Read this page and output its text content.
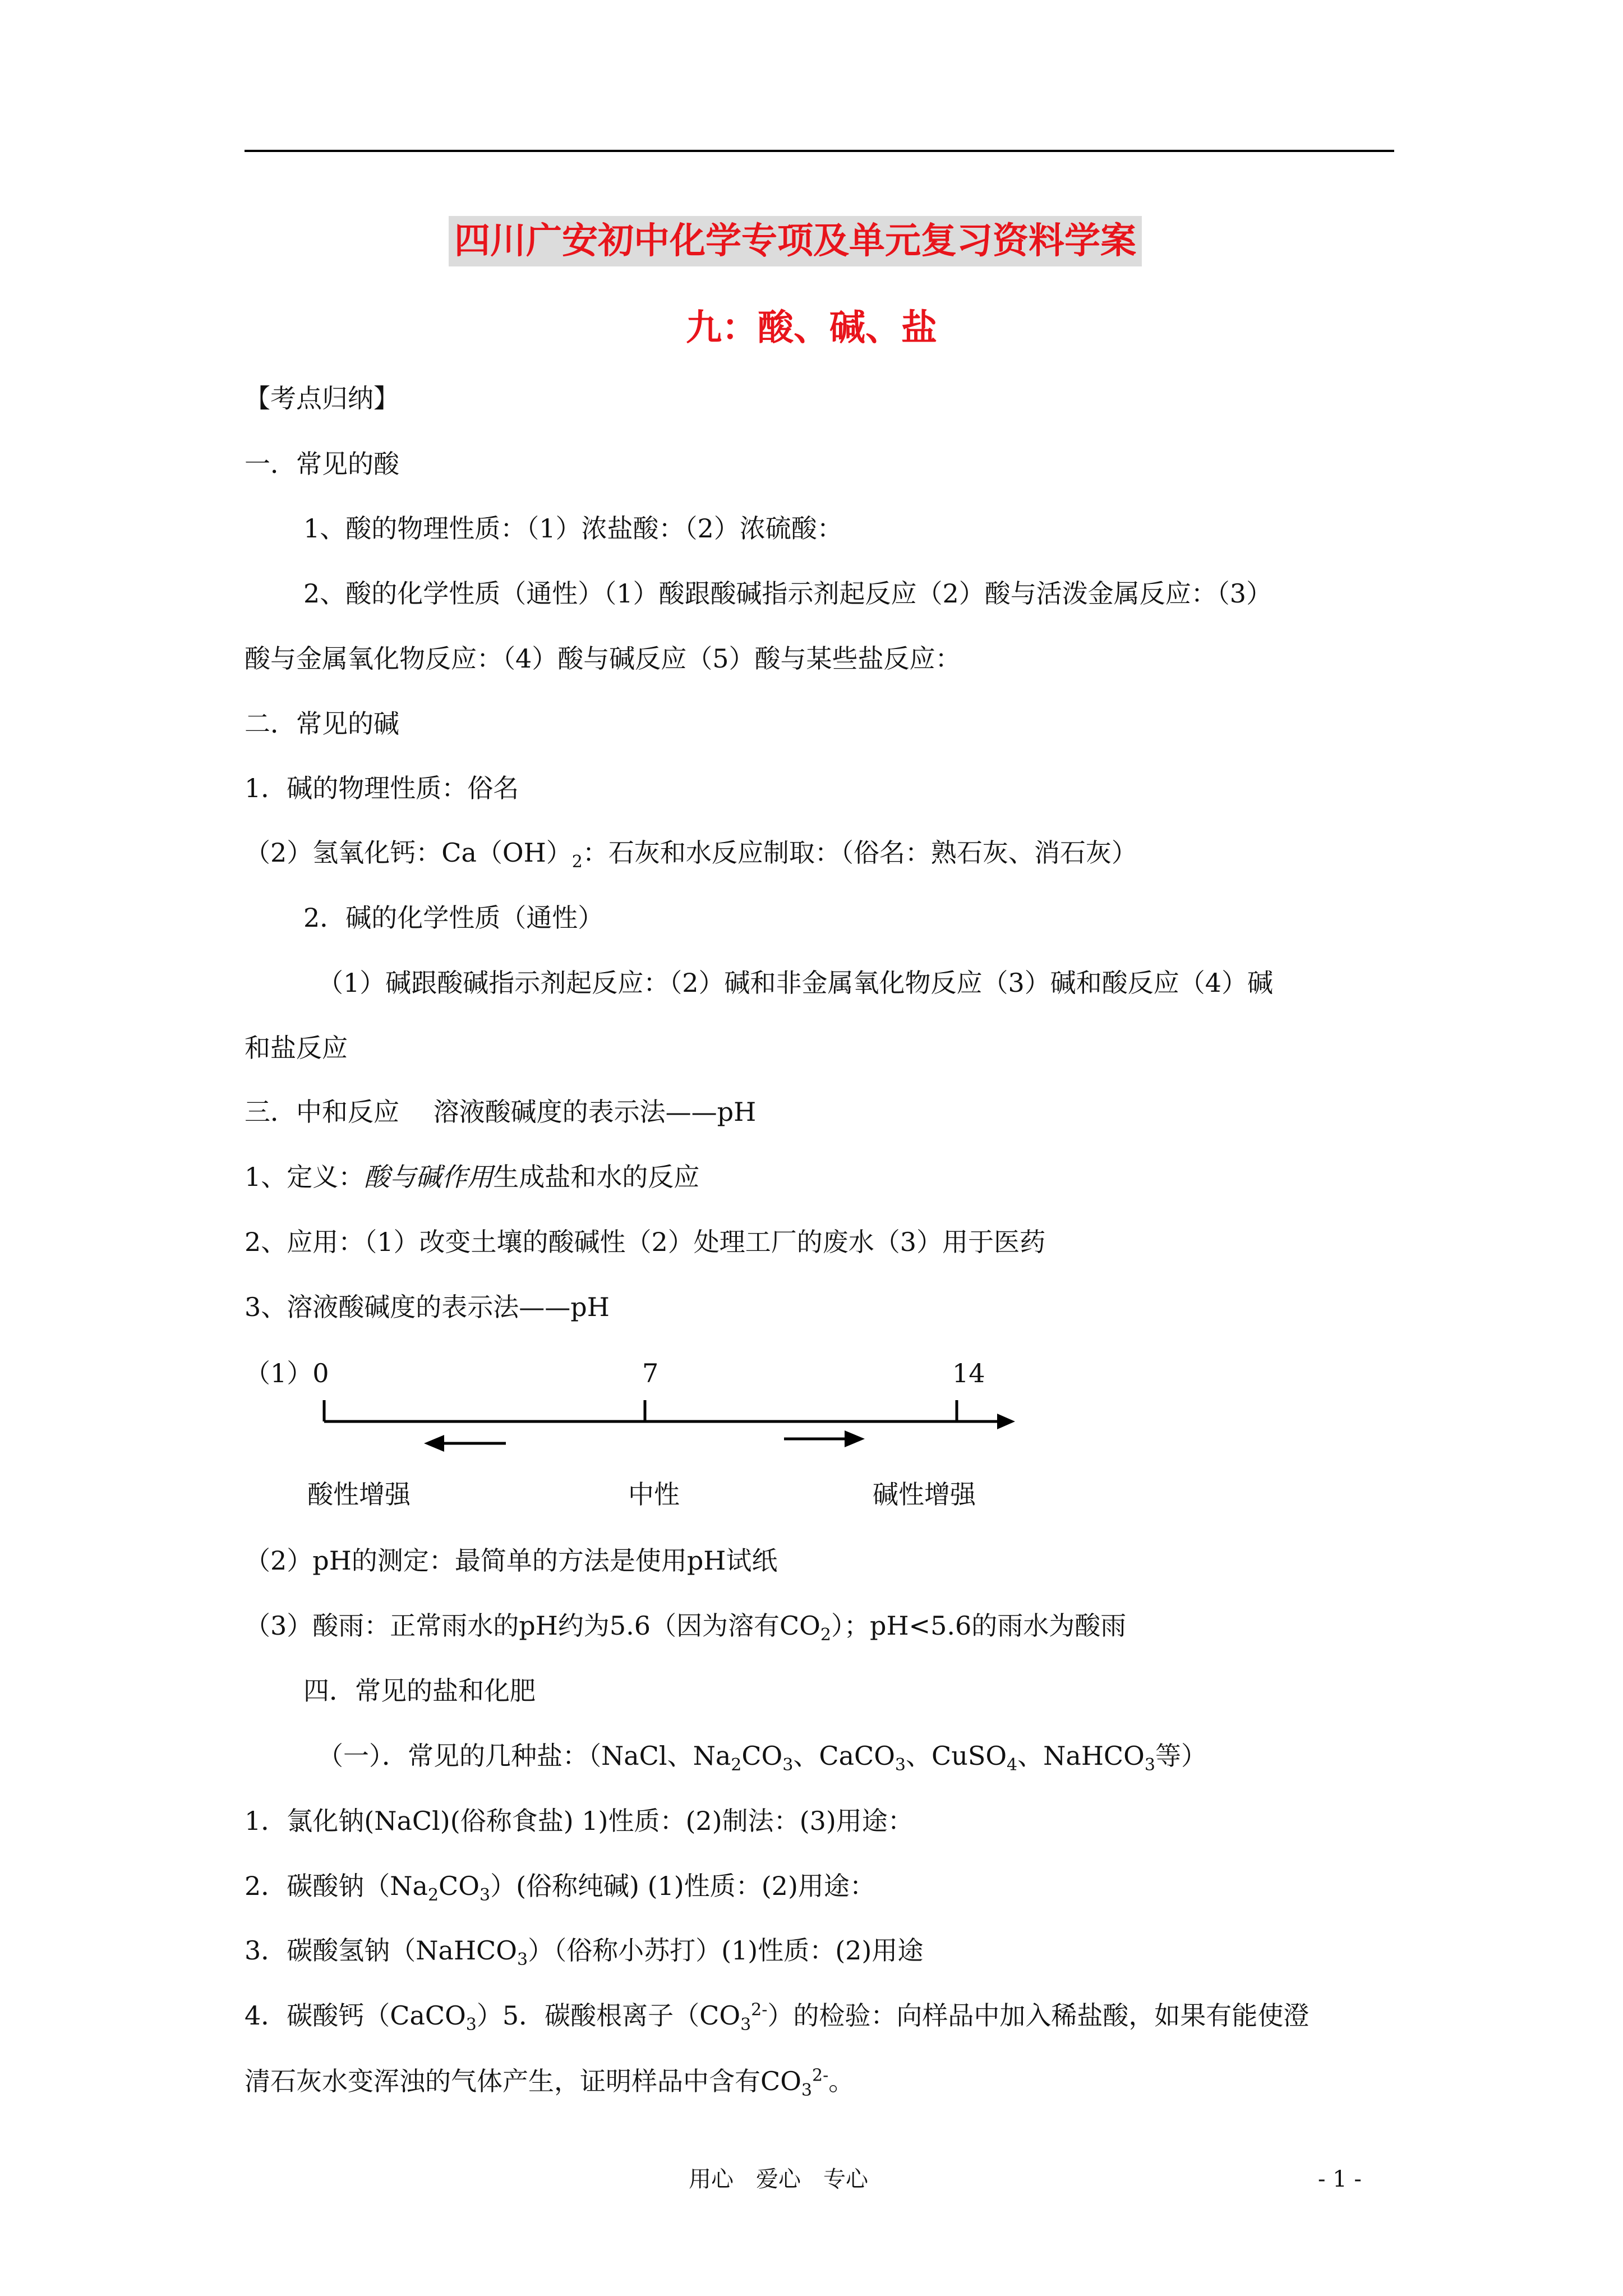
四川广安初中化学专项及单元复习资料学案
九：酸、碱、盐
【考点归纳】
一．常见的酸
1、酸的物理性质：（1）浓盐酸：（2）浓硫酸：
2、酸的化学性质（通性）（1）酸跟酸碱指示剂起反应（2）酸与活泼金属反应：（3）
酸与金属氧化物反应：（4）酸与碱反应（5）酸与某些盐反应：
二．常见的碱
1．碱的物理性质：俗名
（2）氢氧化钙：$Ca(OH)_2$：石灰和水反应制取：（俗名：熟石灰、消石灰）
2．碱的化学性质（通性）
（1）碱跟酸碱指示剂起反应：（2）碱和非金属氧化物反应（3）碱和酸反应（4）碱
和盐反应
三．中和反应　 溶液酸碱度的表示法——pH
1、定义：酸与碱作用生成盐和水的反应
2、应用：（1）改变土壤的酸碱性（2）处理工厂的废水（3）用于医药
3、溶液酸碱度的表示法——pH
（1）0	7	14
酸性增强	中性	碱性增强
（2）pH的测定：最简单的方法是使用pH试纸
（3）酸雨：正常雨水的pH约为5.6（因为溶有$CO_2$）；pH<5.6的雨水为酸雨
四．常见的盐和化肥
（一）．常见的几种盐：（NaCl、$Na_2CO_3$、CaCO$_3$、CuSO$_4$、NaHCO$_3$等）
1．氯化钠(NaCl)(俗称食盐) 1)性质：(2)制法：(3)用途：
2．碳酸钠$(Na_2CO_3)$(俗称纯碱) (1)性质：(2)用途：
3．碳酸氢钠（NaHCO$_3$）（俗称小苏打）(1)性质：(2)用途
4．碳酸钙（CaCO$_3$）5．碳酸根离子$(CO_3^{2-})$的检验：向样品中加入稀盐酸，如果有能使澄
清石灰水变浑浊的气体产生，证明样品中含有$CO_3^{2-}$。
用心　爱心　专心	- 1 -
